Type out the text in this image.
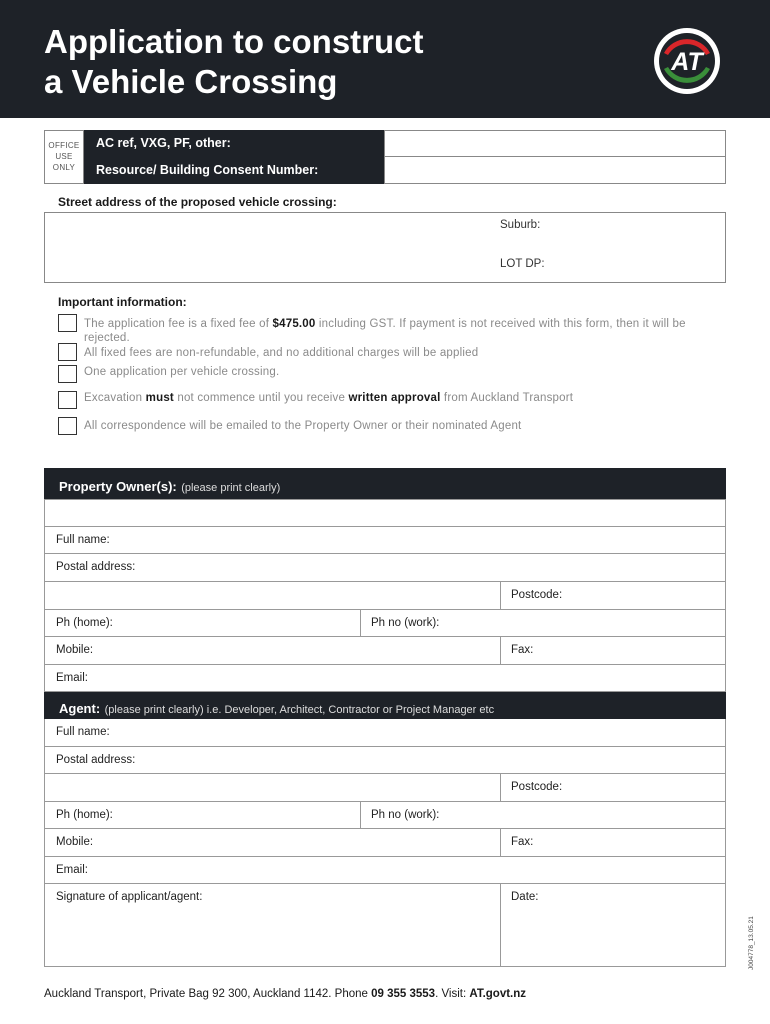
Application to construct
a Vehicle Crossing
AT
OFFICE
USE
ONLY
AC ref, VXG, PF, other:
Resource/ Building Consent Number:
Street address of the proposed vehicle crossing:
Suburb:
LOT DP:
Important information:
The application fee is a fixed fee of $475.00 including GST. If payment is not received with this form, then it will be rejected.
All fixed fees are non-refundable, and no additional charges will be applied
One application per vehicle crossing.
Excavation must not commence until you receive written approval from Auckland Transport
All correspondence will be emailed to the Property Owner or their nominated Agent
Property Owner(s): (please print clearly)
Full name:
Postal address:
Postcode:
Ph (home):	Ph no (work):
Mobile:	Fax:
Email:
Agent: (please print clearly) i.e. Developer, Architect, Contractor or Project Manager etc
Full name:
Postal address:
Postcode:
Ph (home):	Ph no (work):
Mobile:	Fax:
Email:
Signature of applicant/agent:	Date:
J004778_13.05.21
Auckland Transport, Private Bag 92 300, Auckland 1142. Phone 09 355 3553. Visit: AT.govt.nz
